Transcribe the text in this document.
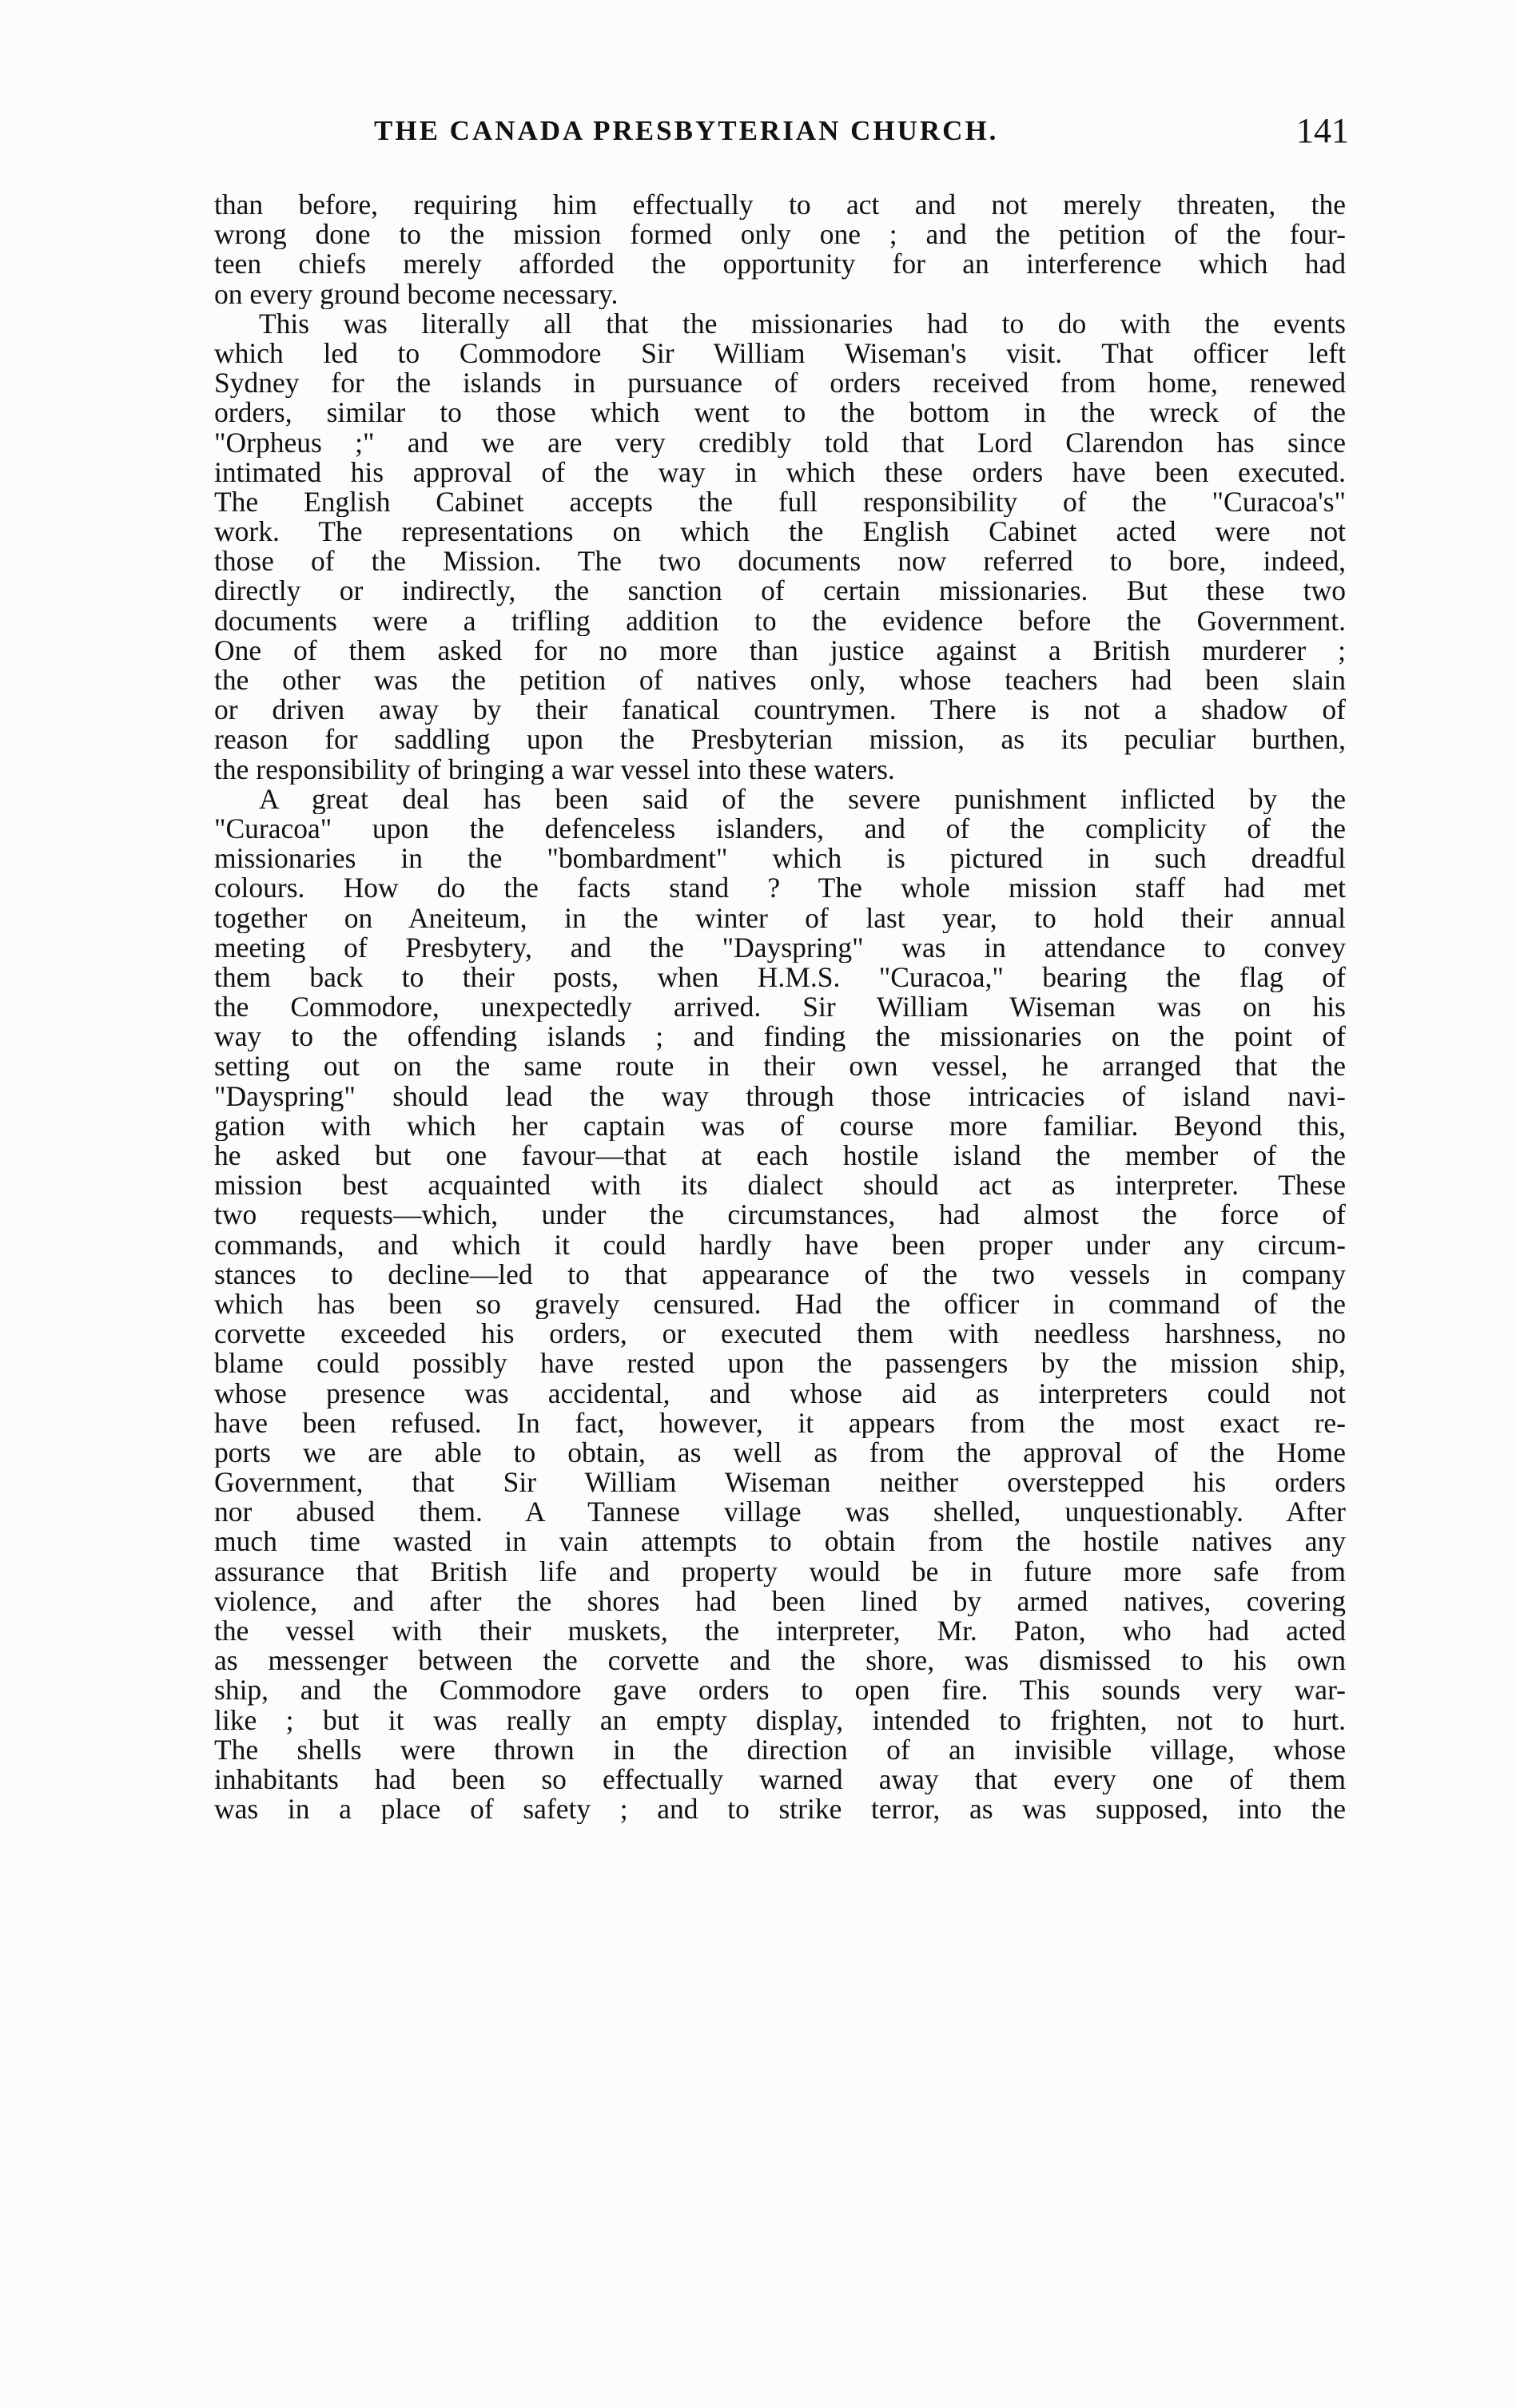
THE CANADA PRESBYTERIAN CHURCH.	141
than before, requiring him effectually to act and not merely threaten, the
wrong done to the mission formed only one ; and the petition of the four-
teen chiefs merely afforded the opportunity for an interference which had
on every ground become necessary.
This was literally all that the missionaries had to do with the events
which led to Commodore Sir William Wiseman's visit. That officer left
Sydney for the islands in pursuance of orders received from home, renewed
orders, similar to those which went to the bottom in the wreck of the
"Orpheus ;" and we are very credibly told that Lord Clarendon has since
intimated his approval of the way in which these orders have been executed.
The English Cabinet accepts the full responsibility of the "Curacoa's"
work. The representations on which the English Cabinet acted were not
those of the Mission. The two documents now referred to bore, indeed,
directly or indirectly, the sanction of certain missionaries. But these two
documents were a trifling addition to the evidence before the Government.
One of them asked for no more than justice against a British murderer ;
the other was the petition of natives only, whose teachers had been slain
or driven away by their fanatical countrymen. There is not a shadow of
reason for saddling upon the Presbyterian mission, as its peculiar burthen,
the responsibility of bringing a war vessel into these waters.
A great deal has been said of the severe punishment inflicted by the
"Curacoa" upon the defenceless islanders, and of the complicity of the
missionaries in the "bombardment" which is pictured in such dreadful
colours. How do the facts stand ? The whole mission staff had met
together on Aneiteum, in the winter of last year, to hold their annual
meeting of Presbytery, and the "Dayspring" was in attendance to convey
them back to their posts, when H.M.S. "Curacoa," bearing the flag of
the Commodore, unexpectedly arrived. Sir William Wiseman was on his
way to the offending islands ; and finding the missionaries on the point of
setting out on the same route in their own vessel, he arranged that the
"Dayspring" should lead the way through those intricacies of island navi-
gation with which her captain was of course more familiar. Beyond this,
he asked but one favour—that at each hostile island the member of the
mission best acquainted with its dialect should act as interpreter. These
two requests—which, under the circumstances, had almost the force of
commands, and which it could hardly have been proper under any circum-
stances to decline—led to that appearance of the two vessels in company
which has been so gravely censured. Had the officer in command of the
corvette exceeded his orders, or executed them with needless harshness, no
blame could possibly have rested upon the passengers by the mission ship,
whose presence was accidental, and whose aid as interpreters could not
have been refused. In fact, however, it appears from the most exact re-
ports we are able to obtain, as well as from the approval of the Home
Government, that Sir William Wiseman neither overstepped his orders
nor abused them. A Tannese village was shelled, unquestionably. After
much time wasted in vain attempts to obtain from the hostile natives any
assurance that British life and property would be in future more safe from
violence, and after the shores had been lined by armed natives, covering
the vessel with their muskets, the interpreter, Mr. Paton, who had acted
as messenger between the corvette and the shore, was dismissed to his own
ship, and the Commodore gave orders to open fire. This sounds very war-
like ; but it was really an empty display, intended to frighten, not to hurt.
The shells were thrown in the direction of an invisible village, whose
inhabitants had been so effectually warned away that every one of them
was in a place of safety ; and to strike terror, as was supposed, into the
